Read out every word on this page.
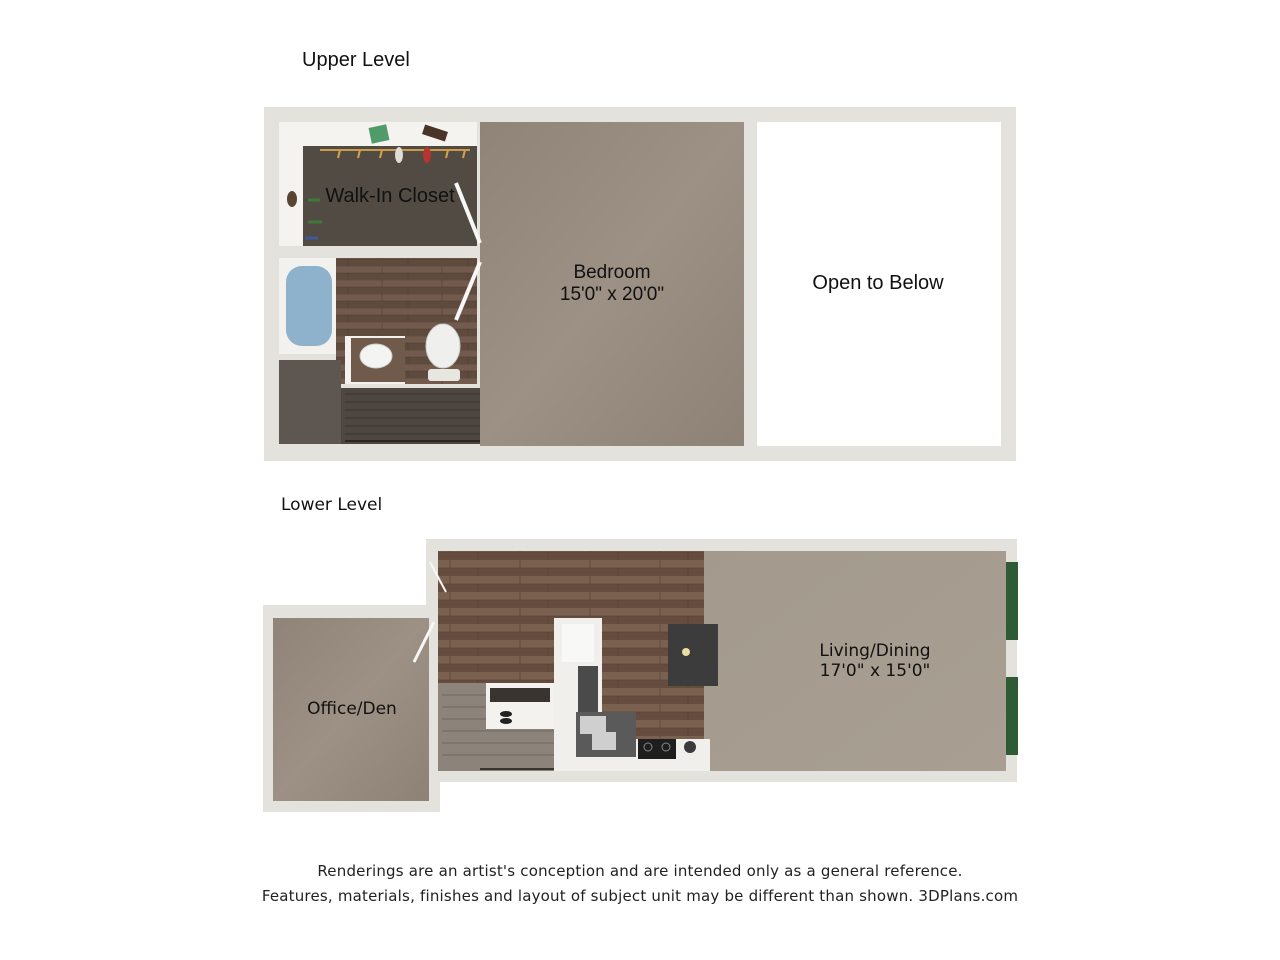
Upper Level
Lower Level
Walk-In Closet
Bedroom
15'0" x 20'0"
Open to Below
Living/Dining
17'0" x 15'0"
Office/Den
Renderings are an artist's conception and are intended only as a general reference.
Features, materials, finishes and layout of subject unit may be different than shown. 3DPlans.com
